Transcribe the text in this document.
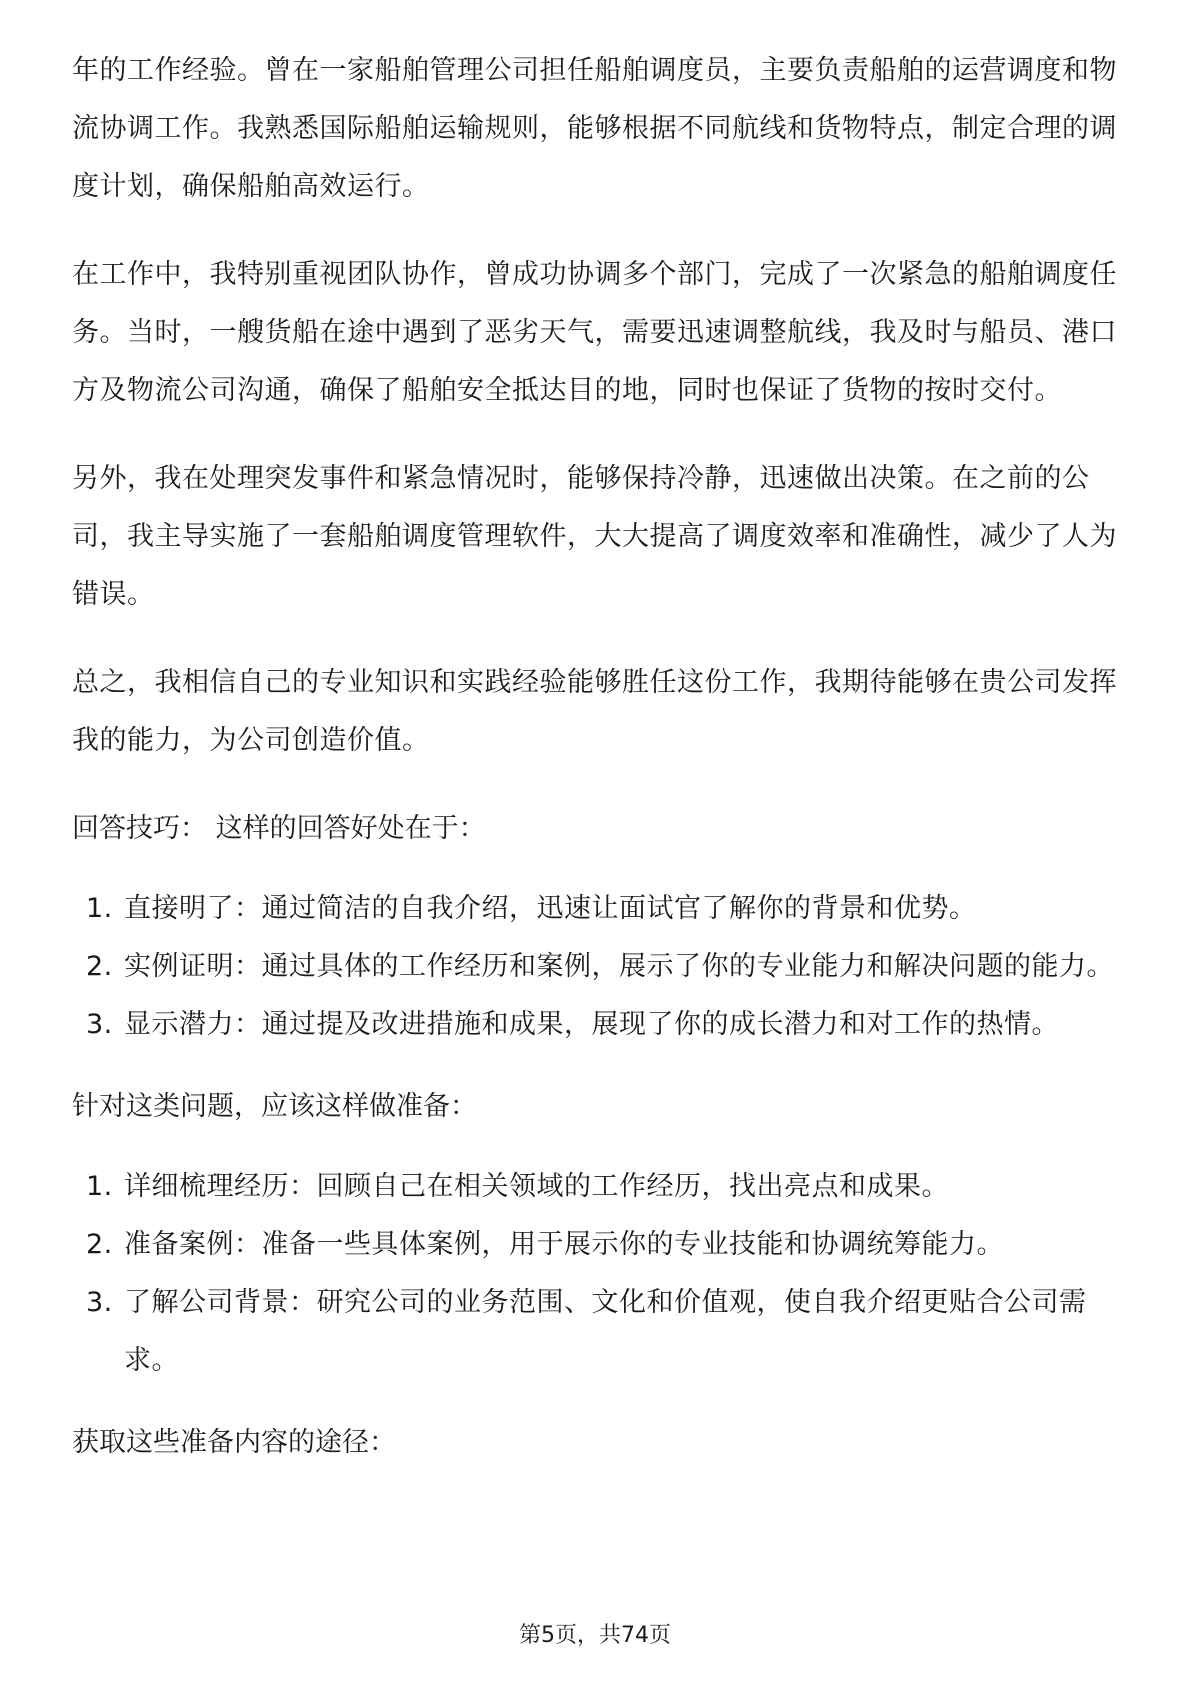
年的工作经验。曾在一家船舶管理公司担任船舶调度员，主要负责船舶的运营调度和物流协调工作。我熟悉国际船舶运输规则，能够根据不同航线和货物特点，制定合理的调度计划，确保船舶高效运行。

在工作中，我特别重视团队协作，曾成功协调多个部门，完成了一次紧急的船舶调度任务。当时，一艘货船在途中遇到了恶劣天气，需要迅速调整航线，我及时与船员、港口方及物流公司沟通，确保了船舶安全抵达目的地，同时也保证了货物的按时交付。

另外，我在处理突发事件和紧急情况时，能够保持冷静，迅速做出决策。在之前的公司，我主导实施了一套船舶调度管理软件，大大提高了调度效率和准确性，减少了人为错误。

总之，我相信自己的专业知识和实践经验能够胜任这份工作，我期待能够在贵公司发挥我的能力，为公司创造价值。

回答技巧： 这样的回答好处在于：

1. 直接明了：通过简洁的自我介绍，迅速让面试官了解你的背景和优势。
2. 实例证明：通过具体的工作经历和案例，展示了你的专业能力和解决问题的能力。
3. 显示潜力：通过提及改进措施和成果，展现了你的成长潜力和对工作的热情。

针对这类问题，应该这样做准备：

1. 详细梳理经历：回顾自己在相关领域的工作经历，找出亮点和成果。
2. 准备案例：准备一些具体案例，用于展示你的专业技能和协调统筹能力。
3. 了解公司背景：研究公司的业务范围、文化和价值观，使自我介绍更贴合公司需求。

获取这些准备内容的途径：

第5页，共74页
